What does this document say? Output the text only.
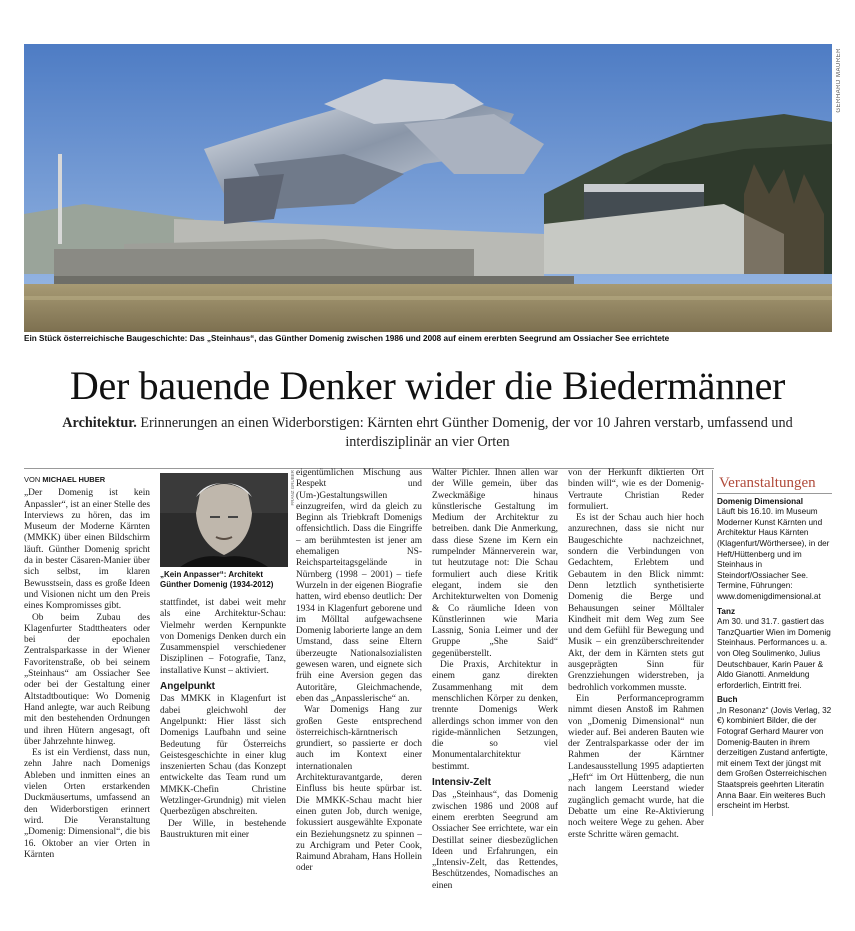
GERHARD MAURER
Ein Stück österreichische Baugeschichte: Das „Steinhaus“, das Günther Domenig zwischen 1986 und 2008 auf einem ererbten Seegrund am Ossiacher See errichtete
Der bauende Denker wider die Biedermänner
Architektur. Erinnerungen an einen Widerborstigen: Kärnten ehrt Günther Domenig, der vor 10 Jahren verstarb, umfassend und interdisziplinär an vier Orten
VON MICHAEL HUBER

„Der Domenig ist kein Anpassler“, ist an einer Stelle des Interviews zu hören, das im Museum der Moderne Kärnten (MMKK) über einen Bildschirm läuft. Günther Domenig spricht da in bester Cäsaren-Manier über sich selbst, im klaren Bewusstsein, dass es große Ideen und Visionen nicht um den Preis eines Kompromisses gibt.

Ob beim Zubau des Klagenfurter Stadttheaters oder bei der epochalen Zentralsparkasse in der Wiener Favoritenstraße, ob bei seinem „Steinhaus“ am Ossiacher See oder bei der Gestaltung einer Altstadtboutique: Wo Domenig Hand anlegte, war auch Reibung mit den bestehenden Ordnungen und ihren Hütern angesagt, oft über Jahrzehnte hinweg.

Es ist ein Verdienst, dass nun, zehn Jahre nach Domenigs Ableben und inmitten eines an vielen Orten erstarkenden Duckmäusertums, umfassend an den Widerborstigen erinnert wird. Die Veranstaltung „Domenig: Dimensional“, die bis 16. Oktober an vier Orten in Kärnten

FRANZ GRUBER
„Kein Anpasser“: Architekt Günther Domenig (1934-2012)

stattfindet, ist dabei weit mehr als eine Architektur-Schau: Vielmehr werden Kernpunkte von Domenigs Denken durch ein Zusammenspiel verschiedener Disziplinen – Fotografie, Tanz, installative Kunst – aktiviert.

Angelpunkt

Das MMKK in Klagenfurt ist dabei gleichwohl der Angelpunkt: Hier lässt sich Domenigs Laufbahn und seine Bedeutung für Österreichs Geistesgeschichte in einer klug inszenierten Schau (das Konzept entwickelte das Team rund um MMKK-Chefin Christine Wetzlinger-Grundnig) mit vielen Querbezügen abschreiten.

Der Wille, in bestehende Baustrukturen mit einer

eigentümlichen Mischung aus Respekt und (Um-)Gestaltungswillen einzugreifen, wird da gleich zu Beginn als Triebkraft Domenigs offensichtlich. Dass die Eingriffe – am berühmtesten ist jener am ehemaligen NS-Reichsparteitagsgelände in Nürnberg (1998 – 2001) – tiefe Wurzeln in der eigenen Biografie hatten, wird ebenso deutlich: Der 1934 in Klagenfurt geborene und im Mölltal aufgewachsene Domenig laborierte lange an dem Umstand, dass seine Eltern überzeugte Nationalsozialisten gewesen waren, und eignete sich früh eine Aversion gegen das Autoritäre, Gleichmachende, eben das „Anpasslerische“ an.

War Domenigs Hang zur großen Geste entsprechend österreichisch-kärntnerisch grundiert, so passierte er doch auch im Kontext einer internationalen Architekturavantgarde, deren Einfluss bis heute spürbar ist. Die MMKK-Schau macht hier einen guten Job, durch wenige, fokussiert ausgewählte Exponate ein Beziehungsnetz zu spinnen – zu Archigram und Peter Cook, Raimund Abraham, Hans Hollein oder

Walter Pichler. Ihnen allen war der Wille gemein, über das Zweckmäßige hinaus künstlerische Gestaltung im Medium der Architektur zu betreiben. dank Die Anmerkung, dass diese Szene im Kern ein rumpelnder Männerverein war, tut heutzutage not: Die Schau formuliert auch diese Kritik elegant, indem sie den Architekturwelten von Domenig & Co räumliche Ideen von Künstlerinnen wie Maria Lassnig, Sonia Leimer und der Gruppe „She Said“ gegenüberstellt.

Die Praxis, Architektur in einem ganz direkten Zusammenhang mit dem menschlichen Körper zu denken, trennte Domenigs Werk allerdings schon immer von den rigide-männlichen Setzungen, die so viel Monumentalarchitektur bestimmt.

Intensiv-Zelt

Das „Steinhaus“, das Domenig zwischen 1986 und 2008 auf einem ererbten Seegrund am Ossiacher See errichtete, war ein Destillat seiner diesbezüglichen Ideen und Erfahrungen, ein „Intensiv-Zelt, das Rettendes, Beschützendes, Nomadisches an einen

von der Herkunft diktierten Ort binden will“, wie es der Domenig-Vertraute Christian Reder formuliert.

Es ist der Schau auch hier hoch anzurechnen, dass sie nicht nur Baugeschichte nachzeichnet, sondern die Verbindungen von Gedachtem, Erlebtem und Gebautem in den Blick nimmt: Denn letztlich synthetisierte Domenig die Berge und Behausungen seiner Mölltaler Kindheit mit dem Weg zum See und dem Gefühl für Bewegung und Musik – ein grenzüberschreitender Akt, der dem in Kärnten stets gut ausgeprägten Sinn für Grenzziehungen widerstreben, ja bedrohlich vorkommen musste.

Ein Performanceprogramm nimmt diesen Anstoß im Rahmen von „Domenig Dimensional“ nun wieder auf. Bei anderen Bauten wie der Zentralsparkasse oder der im Rahmen der Kärntner Landesausstellung 1995 adaptierten „Heft“ im Ort Hüttenberg, die nun nach langem Leerstand wieder zugänglich gemacht wurde, hat die Debatte um eine Re-Aktivierung noch weitere Wege zu gehen. Aber erste Schritte wären gemacht.

Veranstaltungen
Domenig Dimensional

Läuft bis 16.10. im Museum Moderner Kunst Kärnten und Architektur Haus Kärnten (Klagenfurt/Wörthersee), in der Heft/Hüttenberg und im Steinhaus in Steindorf/Ossiacher See. Termine, Führungen: www.domenigdimensional.at

Tanz

Am 30. und 31.7. gastiert das TanzQuartier Wien im Domenig Steinhaus. Performances u. a. von Oleg Soulimenko, Julius Deutschbauer, Karin Pauer & Aldo Gianotti. Anmeldung erforderlich, Eintritt frei.

Buch

„In Resonanz“ (Jovis Verlag, 32 €) kombiniert Bilder, die der Fotograf Gerhard Maurer von Domenig-Bauten in ihrem derzeitigen Zustand anfertigte, mit einem Text der jüngst mit dem Großen Österreichischen Staatspreis geehrten Literatin Anna Baar. Ein weiteres Buch erscheint im Herbst.
